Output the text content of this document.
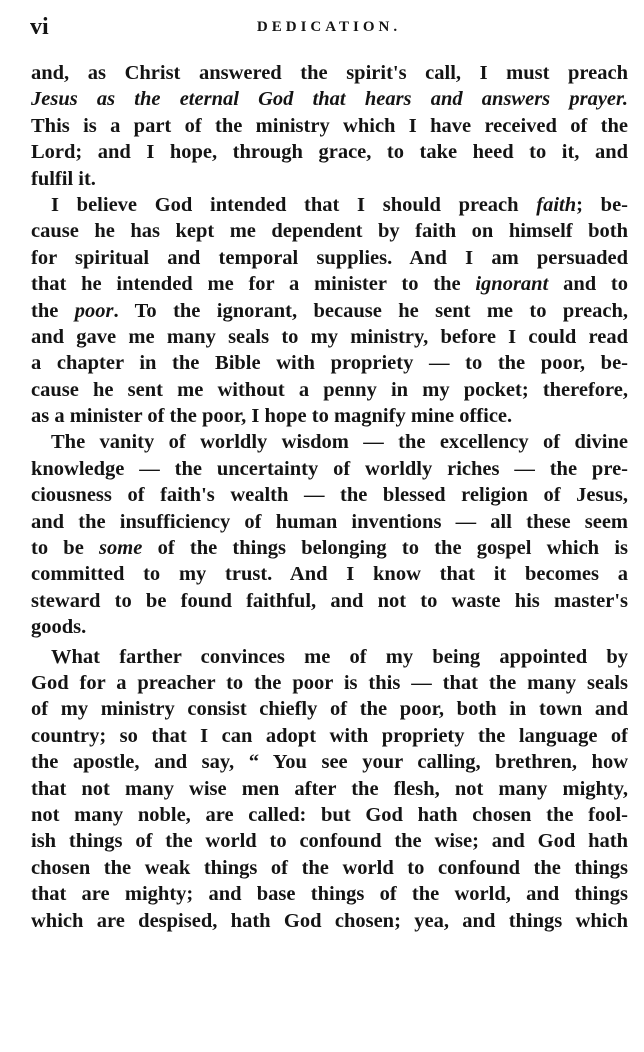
vi	DEDICATION.
and, as Christ answered the spirit's call, I must preach
Jesus as the eternal God that hears and answers prayer.
This is a part of the ministry which I have received of the
Lord; and I hope, through grace, to take heed to it, and
fulfil it.
I believe God intended that I should preach faith; be-
cause he has kept me dependent by faith on himself both
for spiritual and temporal supplies. And I am persuaded
that he intended me for a minister to the ignorant and to
the poor. To the ignorant, because he sent me to preach,
and gave me many seals to my ministry, before I could read
a chapter in the Bible with propriety — to the poor, be-
cause he sent me without a penny in my pocket; therefore,
as a minister of the poor, I hope to magnify mine office.
The vanity of worldly wisdom — the excellency of divine
knowledge — the uncertainty of worldly riches — the pre-
ciousness of faith's wealth — the blessed religion of Jesus,
and the insufficiency of human inventions — all these seem
to be some of the things belonging to the gospel which is
committed to my trust. And I know that it becomes a
steward to be found faithful, and not to waste his master's
goods.
What farther convinces me of my being appointed by
God for a preacher to the poor is this — that the many seals
of my ministry consist chiefly of the poor, both in town and
country; so that I can adopt with propriety the language of
the apostle, and say, “ You see your calling, brethren, how
that not many wise men after the flesh, not many mighty,
not many noble, are called: but God hath chosen the fool-
ish things of the world to confound the wise; and God hath
chosen the weak things of the world to confound the things
that are mighty; and base things of the world, and things
which are despised, hath God chosen; yea, and things which
